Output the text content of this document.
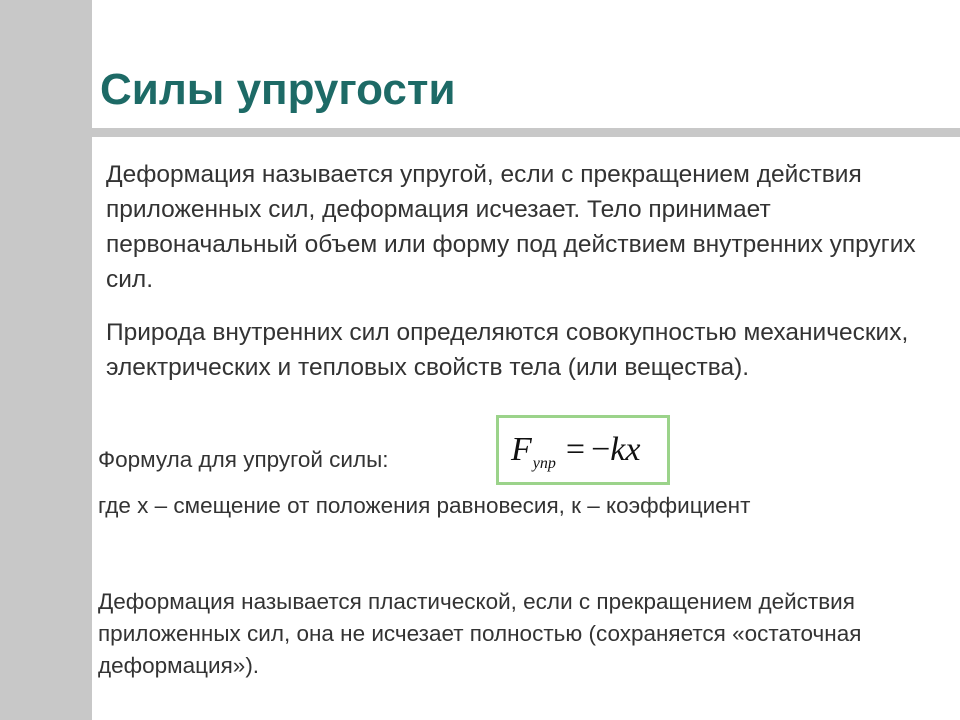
Силы упругости

Деформация называется упругой, если с прекращением действия приложенных сил, деформация исчезает. Тело принимает первоначальный объем или форму под действием внутренних упругих сил.

Природа внутренних сил определяются совокупностью механических, электрических и тепловых свойств тела (или вещества).

Формула для упругой силы:	$F_{упр} = -kx$

где х – смещение от положения равновесия, к – коэффициент

Деформация называется пластической, если с прекращением действия приложенных сил, она не исчезает полностью (сохраняется «остаточная деформация»).
